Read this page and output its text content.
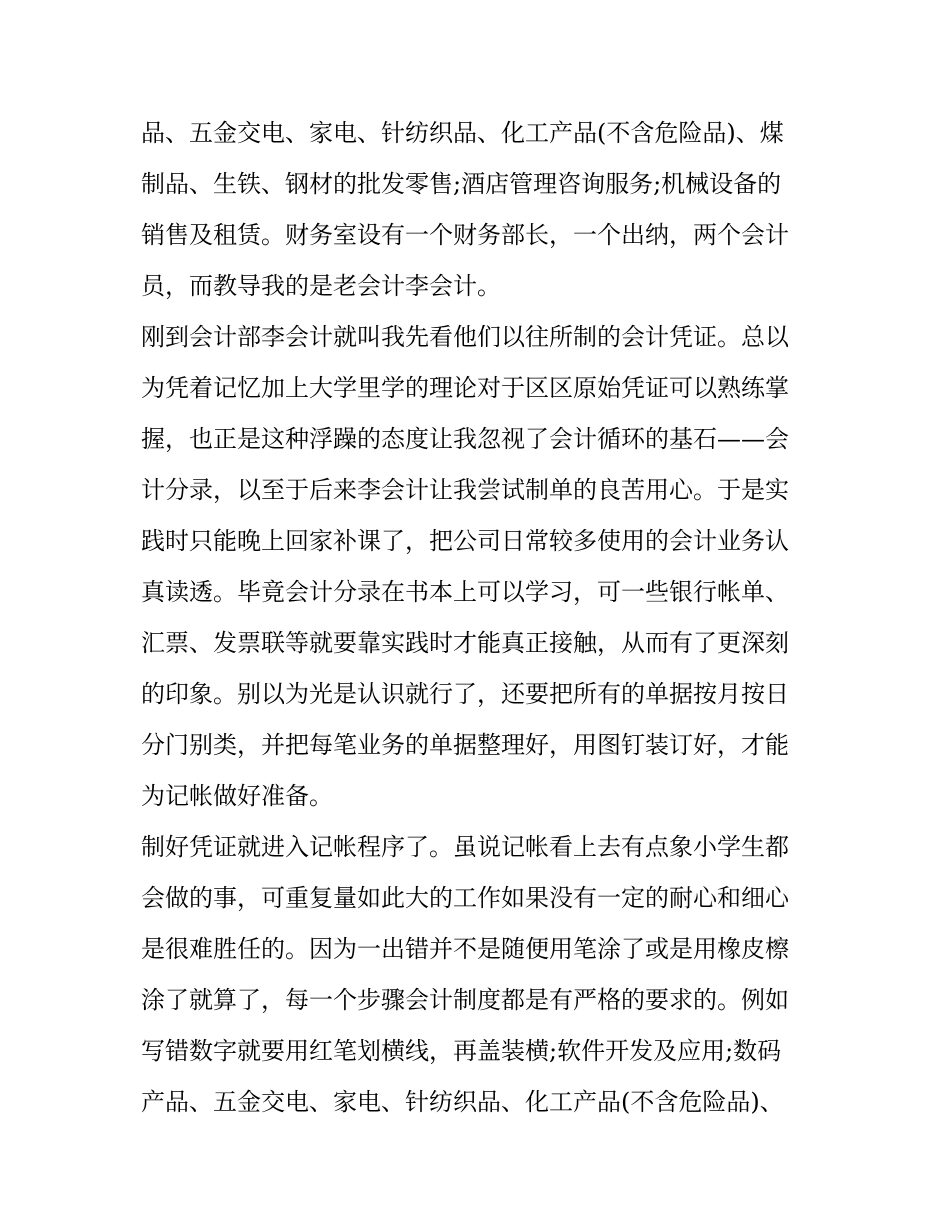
品、五金交电、家电、针纺织品、化工产品(不含危险品)、煤
制品、生铁、钢材的批发零售;酒店管理咨询服务;机械设备的
销售及租赁。财务室设有一个财务部长，一个出纳，两个会计
员，而教导我的是老会计李会计。
刚到会计部李会计就叫我先看他们以往所制的会计凭证。总以
为凭着记忆加上大学里学的理论对于区区原始凭证可以熟练掌
握，也正是这种浮躁的态度让我忽视了会计循环的基石——会
计分录，以至于后来李会计让我尝试制单的良苦用心。于是实
践时只能晚上回家补课了，把公司日常较多使用的会计业务认
真读透。毕竟会计分录在书本上可以学习，可一些银行帐单、
汇票、发票联等就要靠实践时才能真正接触，从而有了更深刻
的印象。别以为光是认识就行了，还要把所有的单据按月按日
分门别类，并把每笔业务的单据整理好，用图钉装订好，才能
为记帐做好准备。
制好凭证就进入记帐程序了。虽说记帐看上去有点象小学生都
会做的事，可重复量如此大的工作如果没有一定的耐心和细心
是很难胜任的。因为一出错并不是随便用笔涂了或是用橡皮檫
涂了就算了，每一个步骤会计制度都是有严格的要求的。例如
写错数字就要用红笔划横线，再盖装横;软件开发及应用;数码
产品、五金交电、家电、针纺织品、化工产品(不含危险品)、
